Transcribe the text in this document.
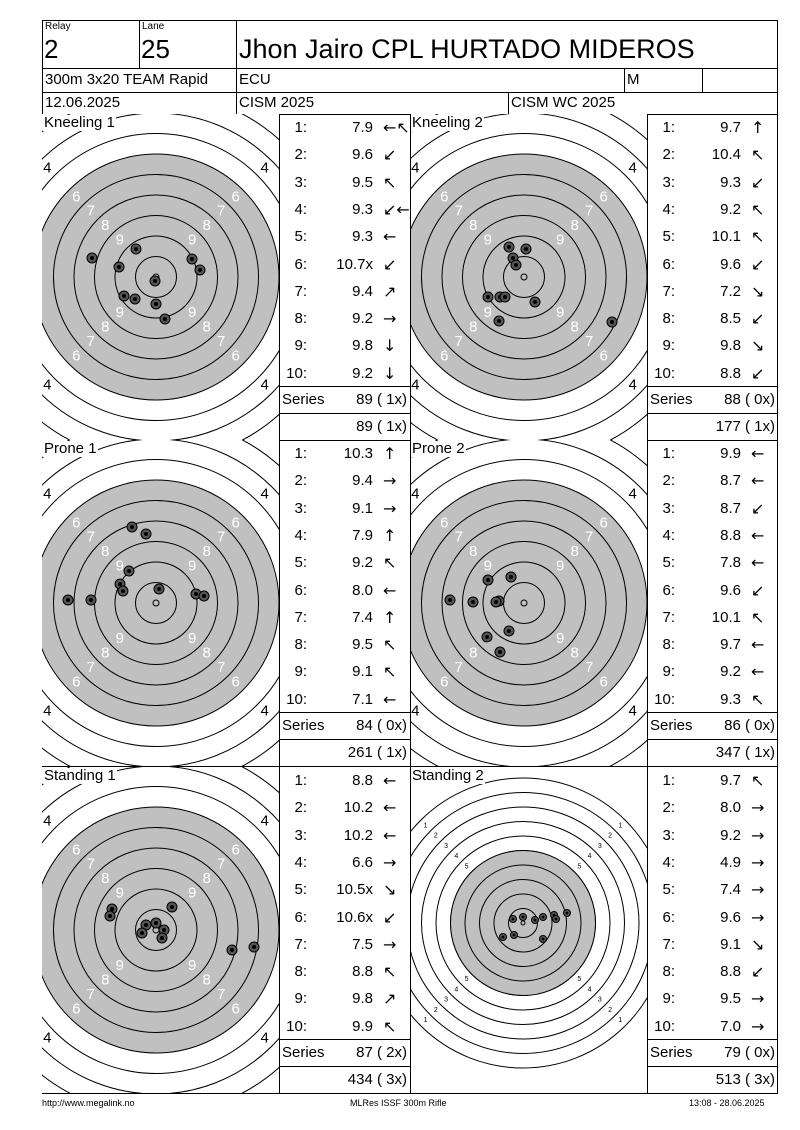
Relay
2
Lane
25	Jhon Jairo CPL HURTADO MIDEROS
300m 3x20 TEAM Rapid ECU	M
12.06.2025	CISM 2025	CISM WC 2025
4	4
4	4
5	5
5	5
6	6
6	6
7	7
7	7
8	8
8	8
9	9
9	9
Kneeling 1	1:	7.9 ←↖
2:	9.6 ↙
3:	9.5 ↖
4:	9.3 ↙←
5:	9.3 ←
6:	10.7x ↙
7:	9.4 ↗
8:	9.2 →
9:	9.8 ↓
10:	9.2 ↓
Series	89 ( 1x)
89 ( 1x)
4	4
4	4
5	5
5	5
6	6
6	6
7	7
7	7
8	8
8	8
9	9
9	9
Kneeling 2	1:	9.7 ↑
2:	10.4 ↖
3:	9.3 ↙
4:	9.2 ↖
5:	10.1 ↖
6:	9.6 ↙
7:	7.2 ↘
8:	8.5 ↙
9:	9.8 ↘
10:	8.8 ↙
Series	88 ( 0x)
177 ( 1x)
4	4
4	4
5	5
5	5
6	6
6	6
7	7
7	7
8	8
8	8
9	9
9	9
Prone 1	1:	10.3 ↑
2:	9.4 →
3:	9.1 →
4:	7.9 ↑
5:	9.2 ↖
6:	8.0 ←
7:	7.4 ↑
8:	9.5 ↖
9:	9.1 ↖
10:	7.1 ←
Series	84 ( 0x)
261 ( 1x)
4	4
4	4
5	5
5	5
6	6
6	6
7	7
7	7
8	8
8	8
9	9
9
Prone 2	1:	9.9 ←
2:	8.7 ←
3:	8.7 ↙
4:	8.8 ←
5:	7.8 ←
6:	9.6 ↙
7:	10.1 ↖
8:	9.7 ←
9:	9.2 ←
10:	9.3 ↖
Series	86 ( 0x)
347 ( 1x)
4	4
4	4
5	5
5	5
6	6
6	6
7	7
7	7
8	8
8	8
9	9
9	9
Standing 1	1:	8.8 ←
2:	10.2 ←
3:	10.2 ←
4:	6.6 →
5:	10.5x ↘
6:	10.6x ↙
7:	7.5 →
8:	8.8 ↖
9:	9.8 ↗
10:	9.9 ↖
Series	87 ( 2x)
434 ( 3x)
1	1
1	1
2	2
2	2
3	3
3	3
4	4
4	4
5	5
5	5
Standing 2	1:	9.7 ↖
2:	8.0 →
3:	9.2 →
4:	4.9 →
5:	7.4 →
6:	9.6 →
7:	9.1 ↘
8:	8.8 ↙
9:	9.5 →
10:	7.0 →
Series	79 ( 0x)
513 ( 3x)
http://www.megalink.no	MLRes ISSF 300m Rifle	13:08 - 28.06.2025
